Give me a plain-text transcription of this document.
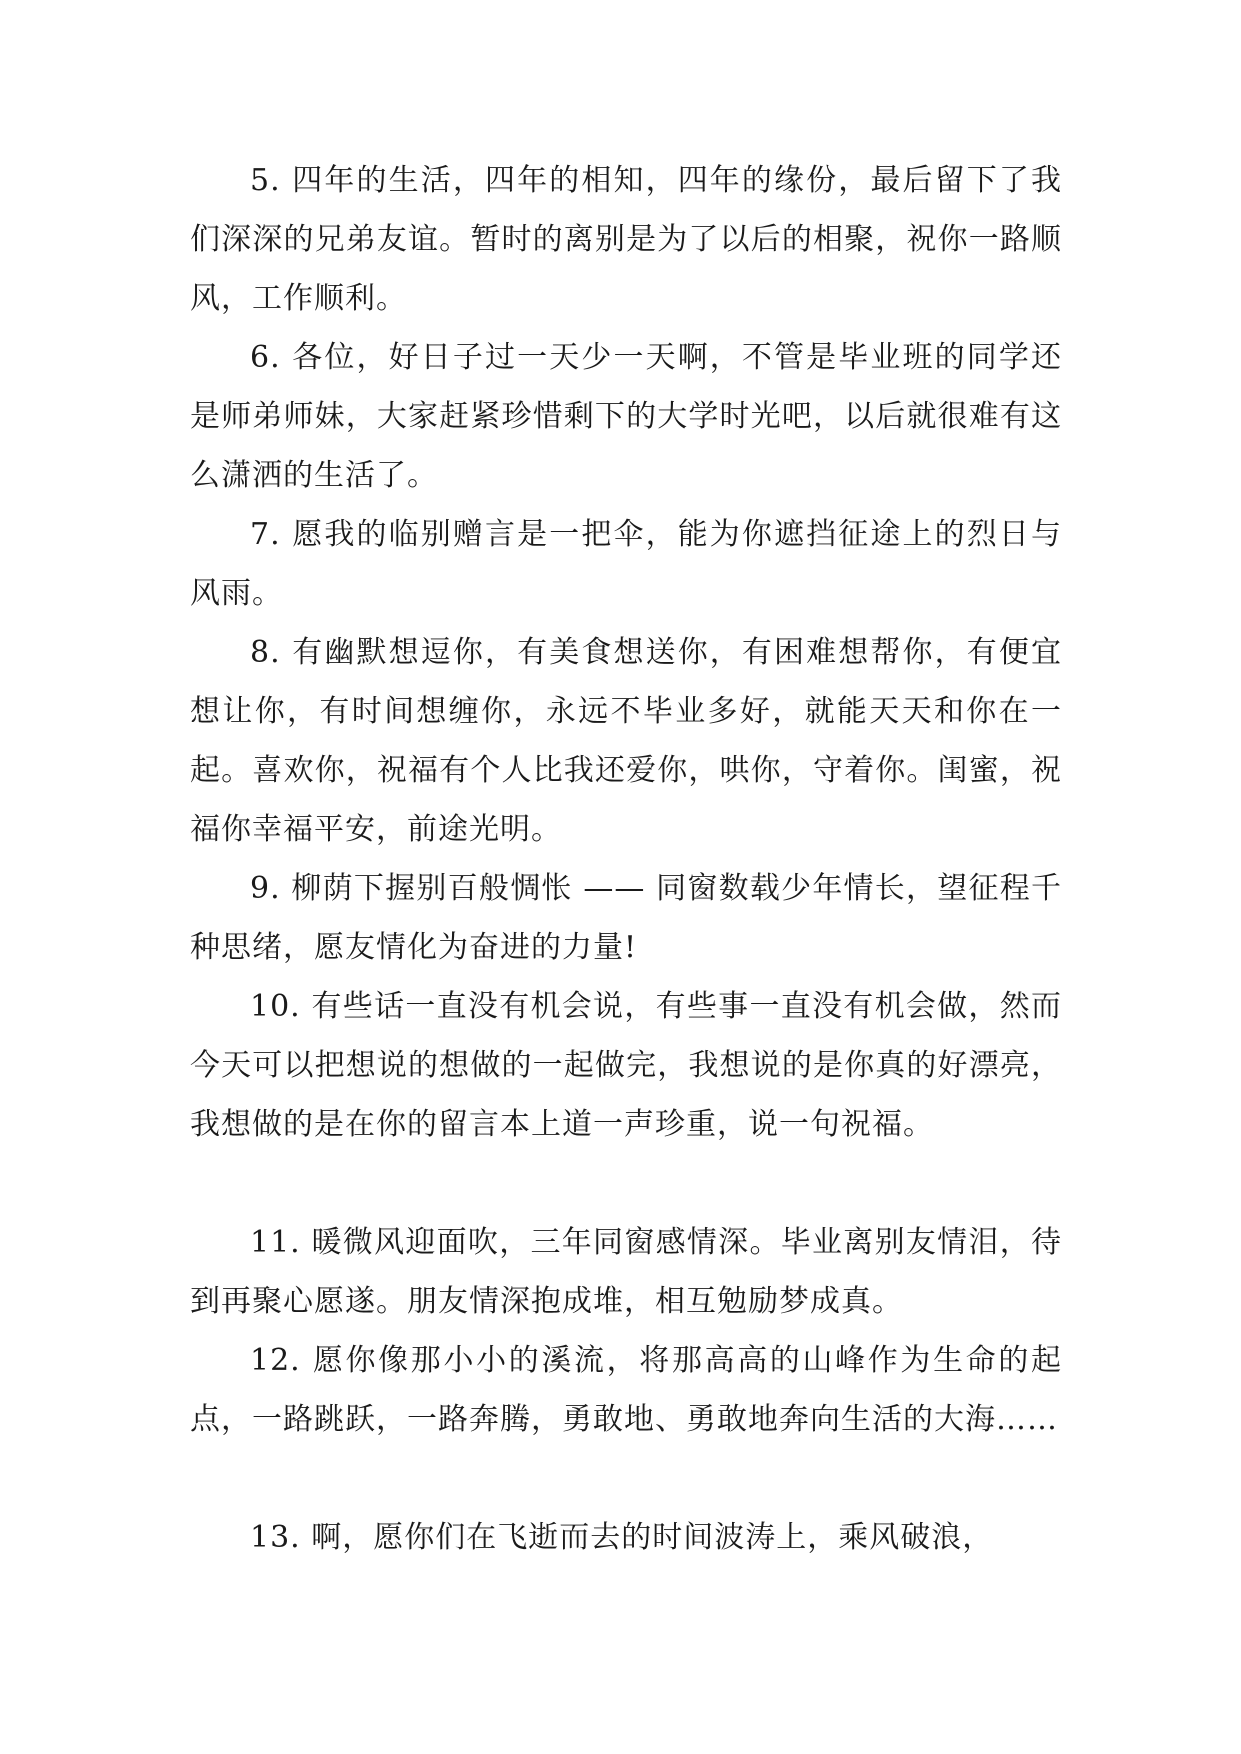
5. 四年的生活，四年的相知，四年的缘份，最后留下了我们深深的兄弟友谊。暂时的离别是为了以后的相聚，祝你一路顺风，工作顺利。

6. 各位，好日子过一天少一天啊，不管是毕业班的同学还是师弟师妹，大家赶紧珍惜剩下的大学时光吧，以后就很难有这么潇洒的生活了。

7. 愿我的临别赠言是一把伞，能为你遮挡征途上的烈日与风雨。

8. 有幽默想逗你，有美食想送你，有困难想帮你，有便宜想让你，有时间想缠你，永远不毕业多好，就能天天和你在一起。喜欢你，祝福有个人比我还爱你，哄你，守着你。闺蜜，祝福你幸福平安，前途光明。

9. 柳荫下握别百般惆怅 —— 同窗数载少年情长，望征程千种思绪，愿友情化为奋进的力量!

10. 有些话一直没有机会说，有些事一直没有机会做，然而今天可以把想说的想做的一起做完，我想说的是你真的好漂亮，我想做的是在你的留言本上道一声珍重，说一句祝福。

11. 暖微风迎面吹，三年同窗感情深。毕业离别友情泪，待到再聚心愿遂。朋友情深抱成堆，相互勉励梦成真。

12. 愿你像那小小的溪流，将那高高的山峰作为生命的起点，一路跳跃，一路奔腾，勇敢地、勇敢地奔向生活的大海……

13. 啊，愿你们在飞逝而去的时间波涛上，乘风破浪，
